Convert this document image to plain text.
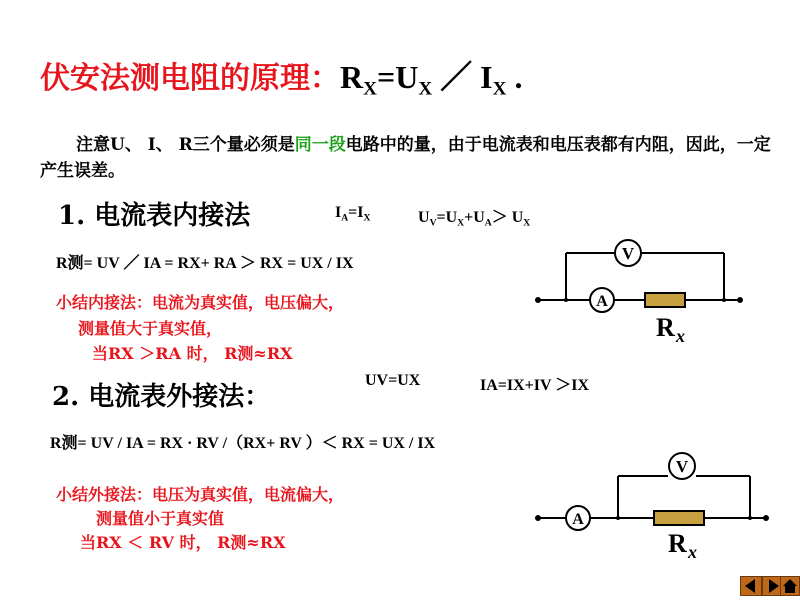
伏安法测电阻的原理：$R_X=U_X$ ／ $I_X$ .
注意U、 I、 R三个量必须是同一段电路中的量，由于电流表和电压表都有内阻，因此，一定产生误差。
1. 电流表内接法	$I_A=I_X$	$U_V=U_X+U_A> U_X$
R测= UV ／ IA = RX+ RA ＞ RX = UX / IX
小结内接法：电流为真实值，电压偏大，
测量值大于真实值，
当RX ＞RA 时， R测≈RX
2. 电流表外接法：
UV=UX	IA=IX+IV ＞IX
R测= UV / IA = RX · RV /（RX+ RV ）＜ RX = UX / IX
小结外接法：电压为真实值，电流偏大，
测量值小于真实值
当RX ＜ RV 时， R测≈RX
V
A
R x
V
A
R x
